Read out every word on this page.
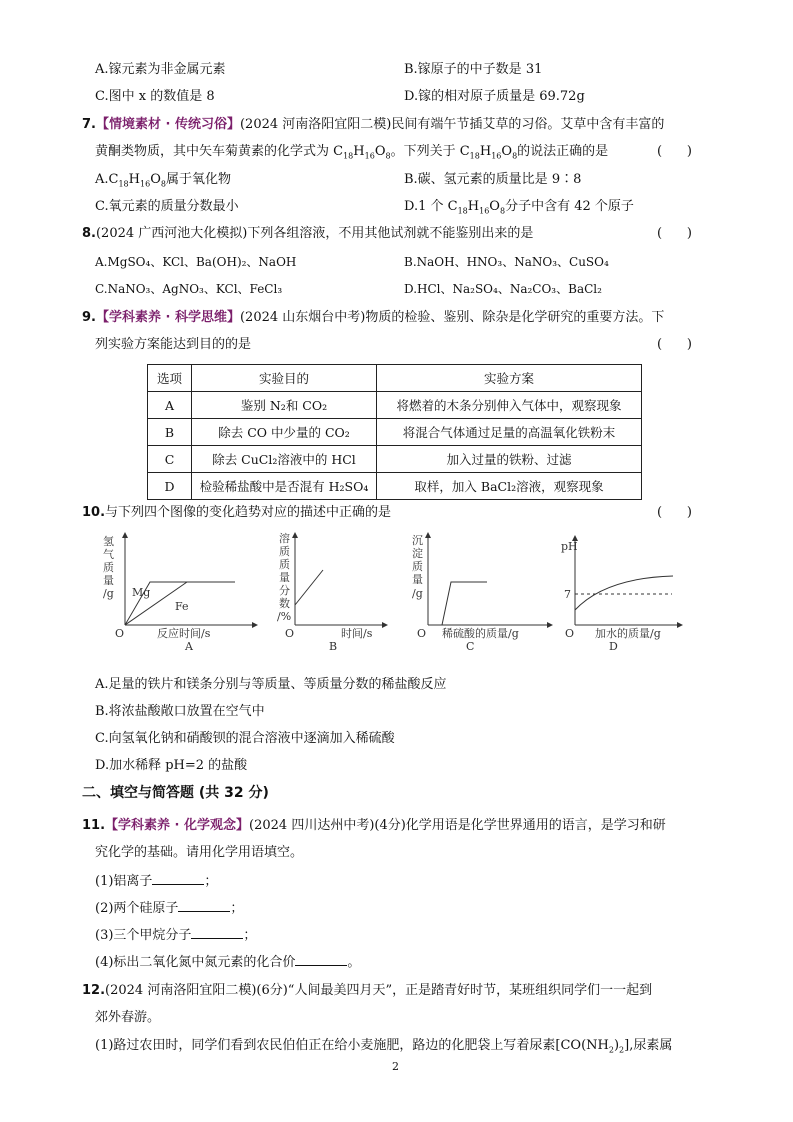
A.镓元素为非金属元素	B.镓原子的中子数是 31
C.图中 x 的数值是 8	D.镓的相对原子质量是 69.72g
7.【情境素材 · 传统习俗】(2024 河南洛阳宜阳二模)民间有端午节插艾草的习俗。艾草中含有丰富的
黄酮类物质，其中矢车菊黄素的化学式为 $C_{18}H_{16}O_8$。下列关于 $C_{18}H_{16}O_8$的说法正确的是	(      )
$A.C_{18}H_{16}O_8$属于氧化物	B.碳、氢元素的质量比是 9∶8
C.氧元素的质量分数最小	D.1 个 $C_{18}H_{16}O_8$分子中含有 42 个原子
8.(2024 广西河池大化模拟)下列各组溶液，不用其他试剂就不能鉴别出来的是	(      )
A.MgSO₄、KCl、Ba(OH)₂、NaOH	B.NaOH、HNO₃、NaNO₃、CuSO₄
C.NaNO₃、AgNO₃、KCl、FeCl₃	D.HCl、Na₂SO₄、Na₂CO₃、BaCl₂
9.【学科素养 · 科学思维】(2024 山东烟台中考)物质的检验、鉴别、除杂是化学研究的重要方法。下
列实验方案能达到目的的是	(      )
选项	实验目的	实验方案
A	鉴别 N₂和 CO₂	将燃着的木条分别伸入气体中，观察现象
B	除去 CO 中少量的 CO₂	将混合气体通过足量的高温氧化铁粉末
C	除去 CuCl₂溶液中的 HCl	加入过量的铁粉、过滤
D	检验稀盐酸中是否混有 H₂SO₄	取样，加入 BaCl₂溶液，观察现象
10.与下列四个图像的变化趋势对应的描述中正确的是	(      )
氢
气
质
量
/g Mg
Fe
O	反应时间/s
A
溶
质
质
量
分
数
/%
O	时间/s
B
沉
淀
质
量
/g
O 稀硫酸的质量/g
C
pH
7
O 加水的质量/g
D
A.足量的铁片和镁条分别与等质量、等质量分数的稀盐酸反应
B.将浓盐酸敞口放置在空气中
C.向氢氧化钠和硝酸钡的混合溶液中逐滴加入稀硫酸
D.加水稀释 pH=2 的盐酸
二、填空与简答题 (共 32 分)
11.【学科素养 · 化学观念】(2024 四川达州中考)(4分)化学用语是化学世界通用的语言，是学习和研
究化学的基础。请用化学用语填空。
(1)铝离子	；
(2)两个硅原子	；
(3)三个甲烷分子	；
(4)标出二氧化氮中氮元素的化合价	。
12.(2024 河南洛阳宜阳二模)(6分)“人间最美四月天”，正是踏青好时节，某班组织同学们一一起到
郊外春游。
(1)路过农田时，同学们看到农民伯伯正在给小麦施肥，路边的化肥袋上写着尿素$[CO(NH_2)_2]$,尿素属
2
